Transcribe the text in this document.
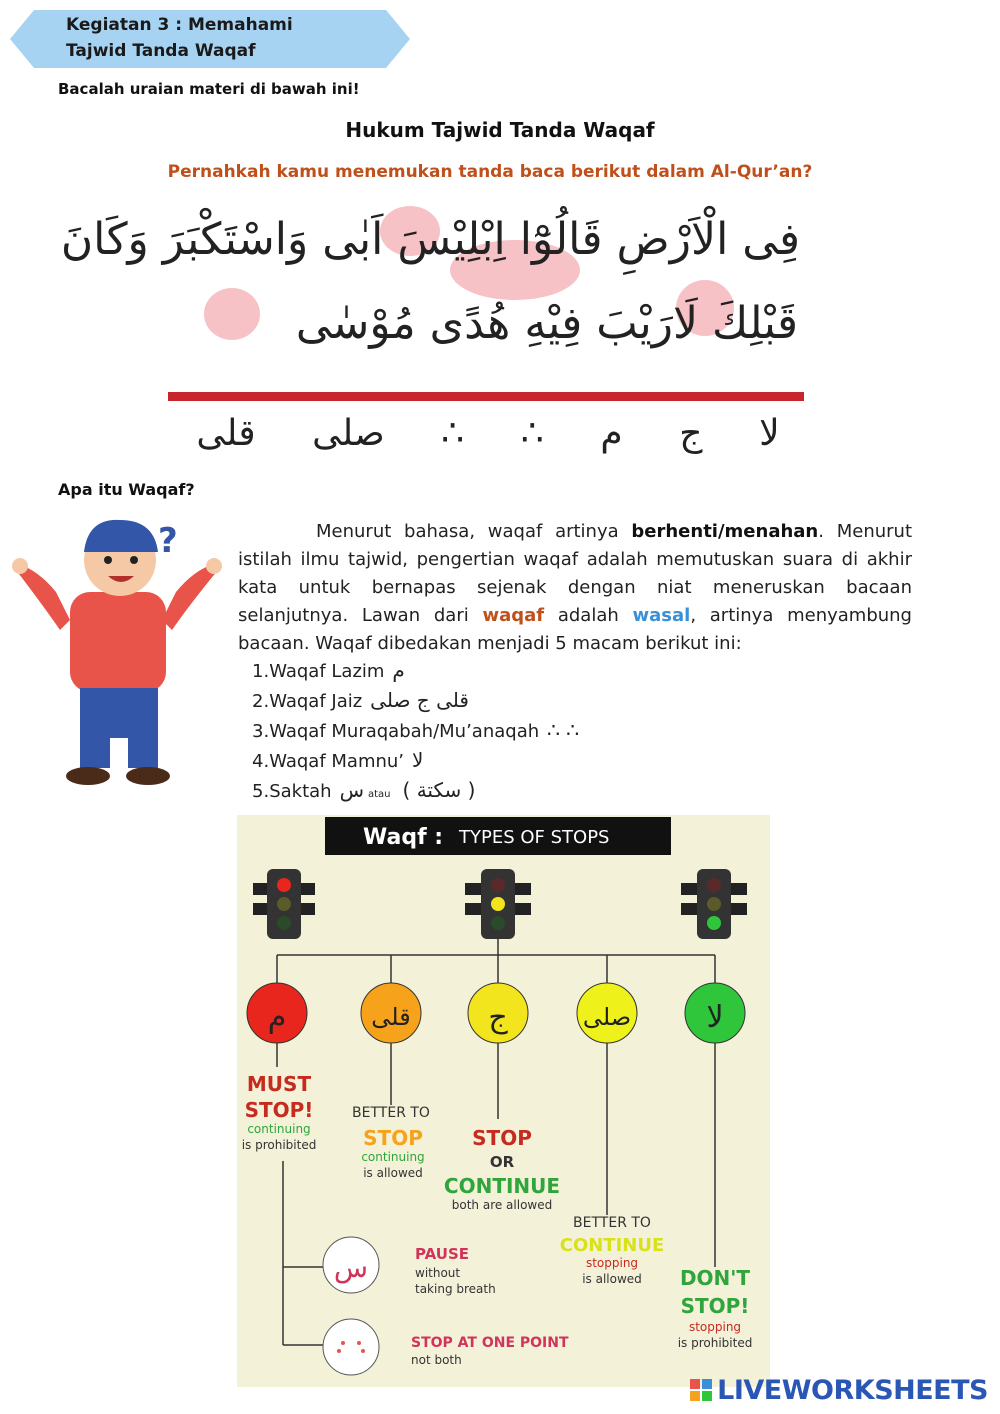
Kegiatan 3 : Memahami
Tajwid Tanda Waqaf
Bacalah uraian materi di bawah ini!
Hukum Tajwid Tanda Waqaf
Pernahkah kamu menemukan tanda baca berikut dalam Al-Qur’an?
فِى الْاَرْضِ قَالُوْٓا اِبْلِيْسَ اَبٰى وَاسْتَكْبَرَ وَكَانَ
قَبْلِكَ لَارَيْبَ فِيْهِ هُدًى مُوْسٰى
لا
ج
م
∴
∴
صلى
قلى
Apa itu Waqaf?
?	Menurut bahasa, waqaf artinya berhenti/menahan. Menurut istilah ilmu tajwid, pengertian waqaf adalah memutuskan suara di akhir kata untuk bernapas sejenak dengan niat meneruskan bacaan selanjutnya. Lawan dari waqaf adalah wasal, artinya menyambung bacaan. Waqaf dibedakan menjadi 5 macam berikut ini:
1.Waqaf Lazim م
2.Waqaf Jaiz قلى ج صلى
3.Waqaf Muraqabah/Mu’anaqah ∴ ∴
4.Waqaf Mamnu’ لا
5.Saktah س atau ( سكتة )
Waqf : TYPES OF STOPS
م	قلى	ج	صلى	لا
MUST
STOP!	BETTER TO
STOP STOP
OR
CONTINUE
BETTER TO
CONTINUE
DON'T
STOP!
continuing
is prohibited
continuing
is allowed
both are allowed
stopping
is allowed
stopping
is prohibited
س	PAUSE
without
taking breath
STOP AT ONE POINT
not both
LIVEWORKSHEETS
